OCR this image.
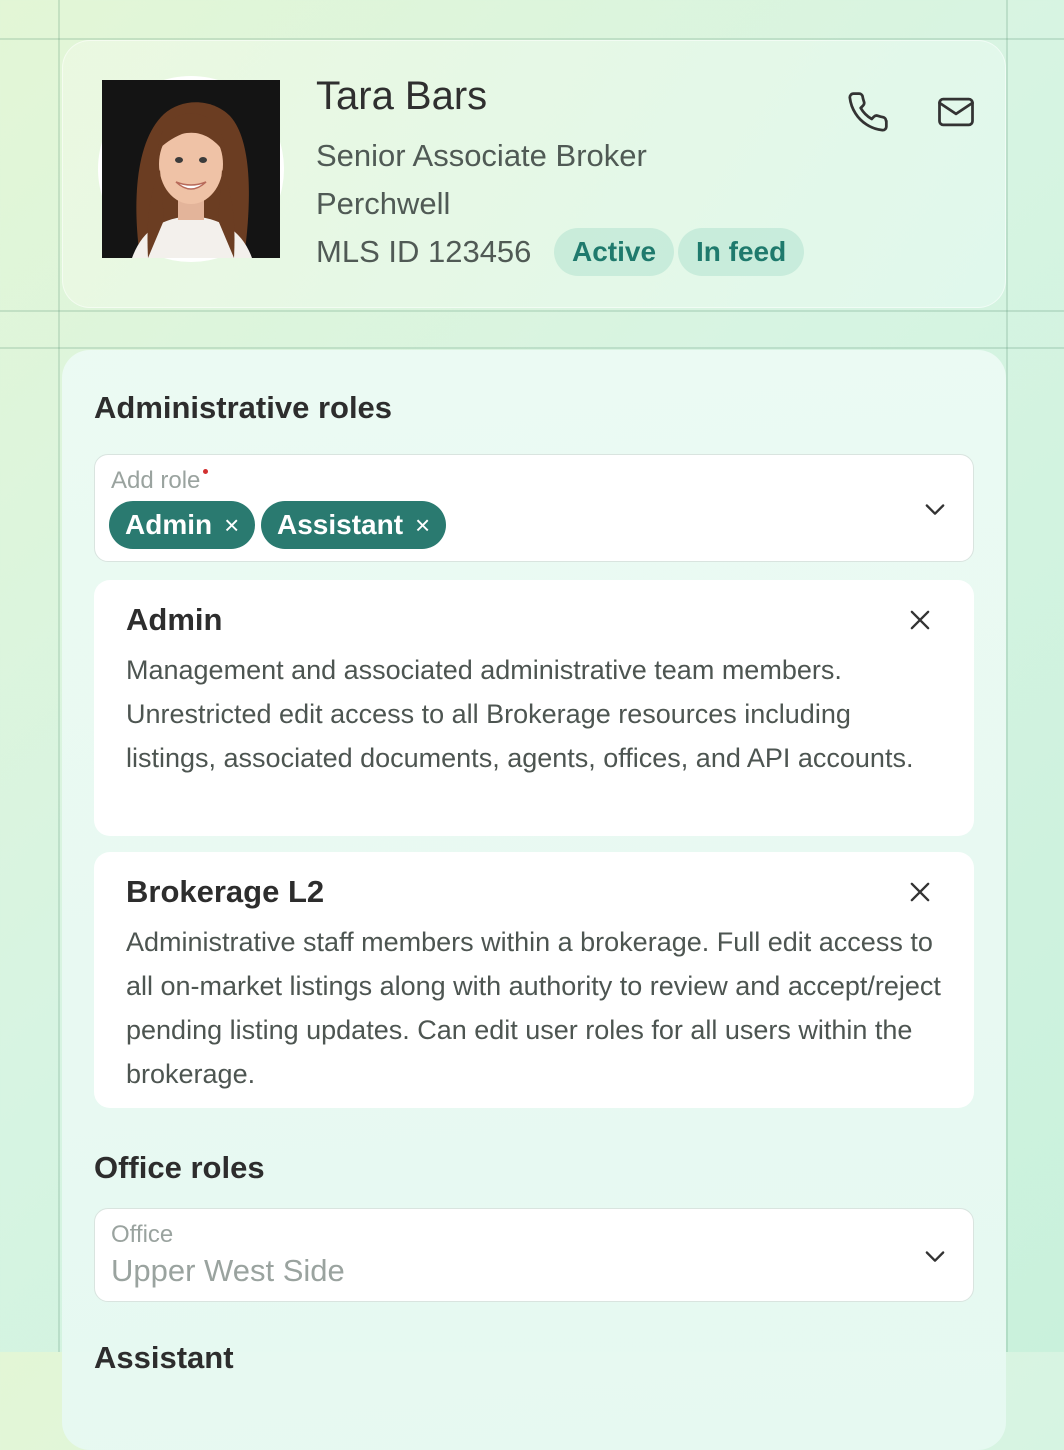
Tara Bars
Senior Associate Broker
Perchwell
MLS ID 123456	Active	In feed
Administrative roles
Add role
Admin × Assistant ×
Admin
Management and associated administrative team members. Unrestricted edit access to all Brokerage resources including listings, associated documents, agents, offices, and API accounts.
Brokerage L2
Administrative staff members within a brokerage. Full edit access to all on-market listings along with authority to review and accept/reject pending listing updates. Can edit user roles for all users within the brokerage.
Office roles
Office
Upper West Side
Assistant
